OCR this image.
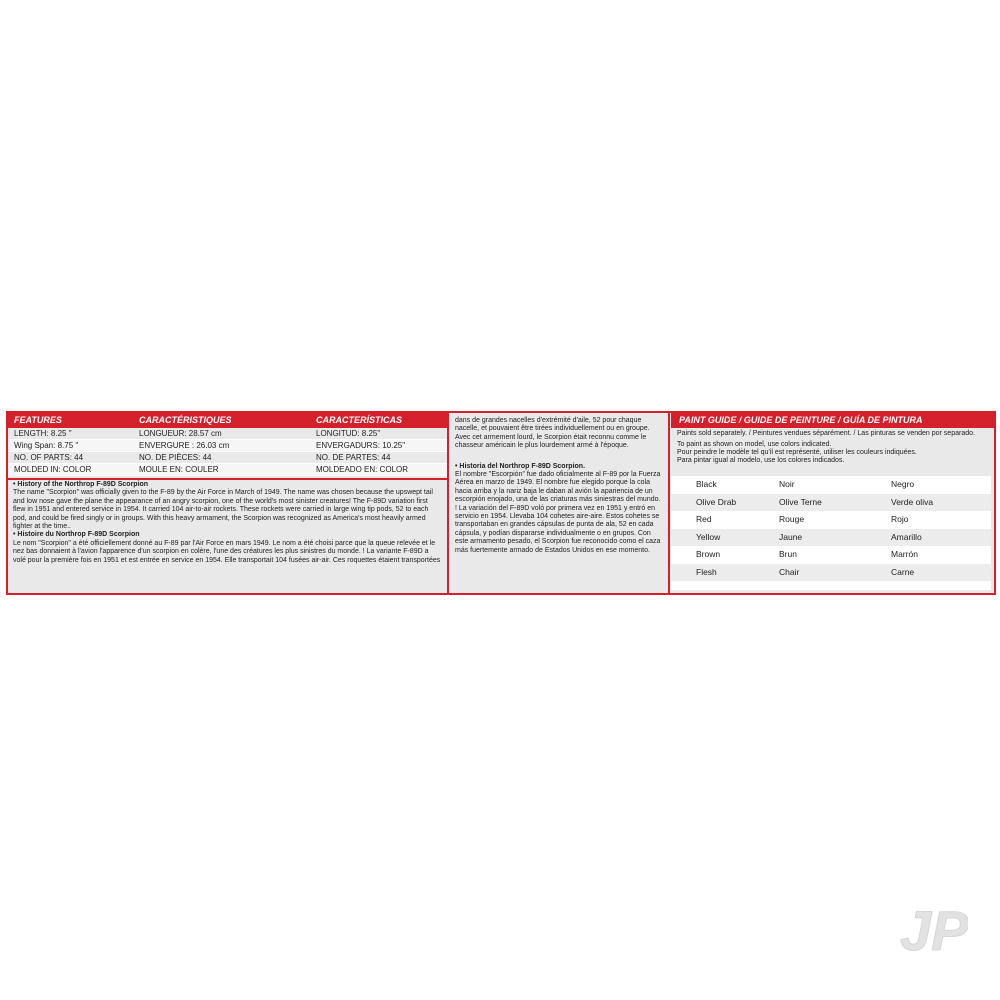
FEATURES	CARACTÉRISTIQUES	CARACTERÍSTICAS
LENGTH: 8.25 "	LONGUEUR: 28.57 cm	LONGITUD: 8.25"
Wing Span: 8.75 "	ENVERGURE : 26.03 cm	ENVERGADURS: 10.25"
NO. OF PARTS: 44	NO. DE PIÈCES: 44	NO. DE PARTES: 44
MOLDED IN: COLOR	MOULE EN: COULER	MOLDEADO EN: COLOR
• History of the Northrop F-89D Scorpion
The name "Scorpion" was officially given to the F-89 by the Air Force in March of 1949. The name was chosen because the upswept tail and low nose gave the plane the appearance of an angry scorpion, one of the world's most sinister creatures! The F-89D variation first flew in 1951 and entered service in 1954. It carried 104 air-to-air rockets. These rockets were carried in large wing tip pods, 52 to each pod, and could be fired singly or in groups. With this heavy armament, the Scorpion was recognized as America's most heavily armed fighter at the time..
• Histoire du Northrop F-89D Scorpion
Le nom "Scorpion" a été officiellement donné au F-89 par l'Air Force en mars 1949. Le nom a été choisi parce que la queue relevée et le nez bas donnaient à l'avion l'apparence d'un scorpion en colère, l'une des créatures les plus sinistres du monde. ! La variante F-89D a volé pour la première fois en 1951 et est entrée en service en 1954. Elle transportait 104 fusées air-air. Ces roquettes étaient transportées
dans de grandes nacelles d'extrémité d'aile, 52 pour chaque nacelle, et pouvaient être tirées individuellement ou en groupe. Avec cet armement lourd, le Scorpion était reconnu comme le chasseur américain le plus lourdement armé à l'époque.
• Historia del Northrop F-89D Scorpion.
El nombre "Escorpión" fue dado oficialmente al F-89 por la Fuerza Aérea en marzo de 1949. El nombre fue elegido porque la cola hacia arriba y la nariz baja le daban al avión la apariencia de un escorpión enojado, una de las criaturas más siniestras del mundo. ! La variación del F-89D voló por primera vez en 1951 y entró en servicio en 1954. Llevaba 104 cohetes aire-aire. Estos cohetes se transportaban en grandes cápsulas de punta de ala, 52 en cada cápsula, y podían dispararse individualmente o en grupos. Con este armamento pesado, el Scorpion fue reconocido como el caza más fuertemente armado de Estados Unidos en ese momento.
PAINT GUIDE / GUIDE DE PEINTURE / GUÍA DE PINTURA
Paints sold separately. / Peintures vendues séparément. / Las pinturas se venden por separado.
To paint as shown on model, use colors indicated.
Pour peindre le modèle tel qu'il est représenté, utiliser les couleurs indiquées.
Para pintar igual al modelo, use los colores indicados.
Black	Noir	Negro
Olive Drab	Olive Terne	Verde oliva
Red	Rouge	Rojo
Yellow	Jaune	Amarillo
Brown	Brun	Marrón
Flesh	Chair	Carne
JP
